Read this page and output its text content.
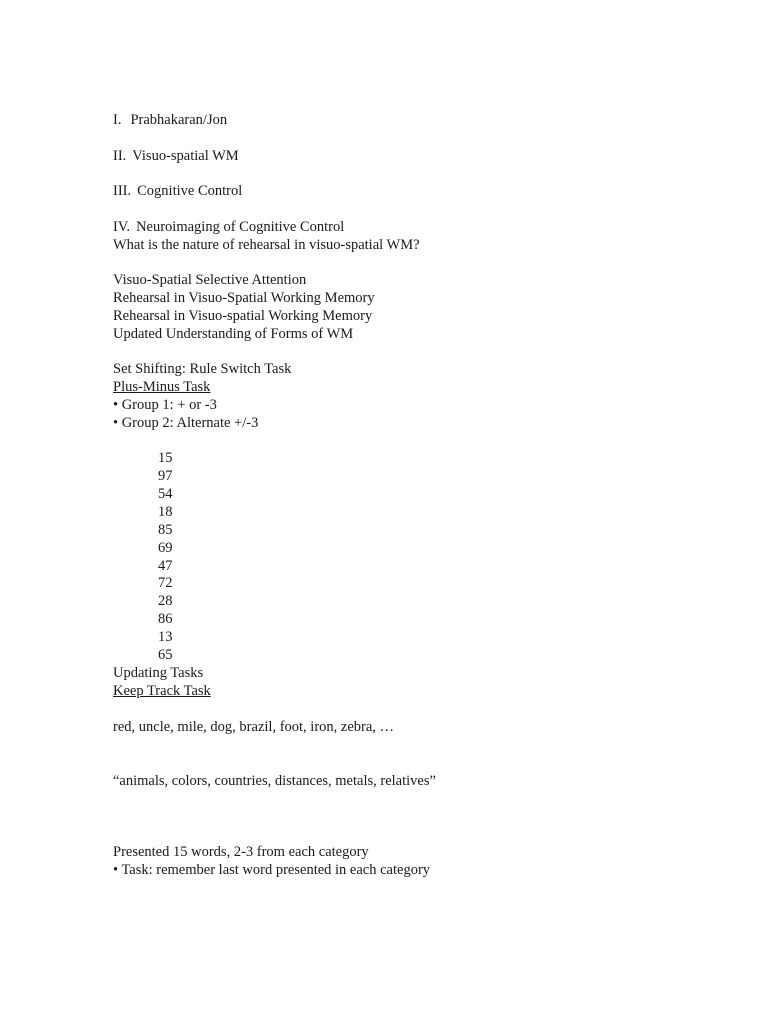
I. Prabhakaran/Jon
II. Visuo-spatial WM
III. Cognitive Control
IV. Neuroimaging of Cognitive Control
What is the nature of rehearsal in visuo-spatial WM?
Visuo-Spatial Selective Attention
Rehearsal in Visuo-Spatial Working Memory
Rehearsal in Visuo-spatial Working Memory
Updated Understanding of Forms of WM
Set Shifting: Rule Switch Task
Plus-Minus Task
• Group 1: + or -3
• Group 2: Alternate +/-3
15
97
54
18
85
69
47
72
28
86
13
65
Updating Tasks
Keep Track Task
red, uncle, mile, dog, brazil, foot, iron, zebra, …
“animals, colors, countries, distances, metals, relatives”
Presented 15 words, 2-3 from each category
• Task: remember last word presented in each category
